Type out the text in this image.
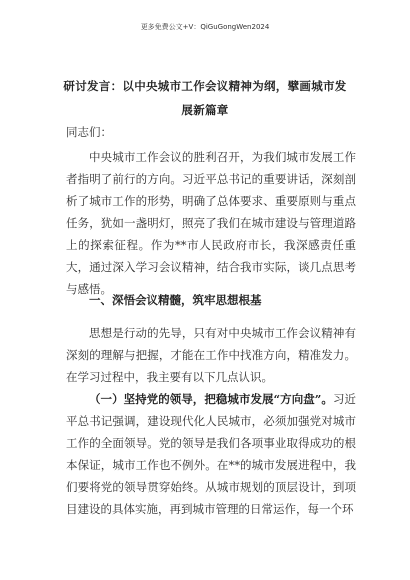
更多免费公文+V：QiGuGongWen2024
研讨发言：以中央城市工作会议精神为纲，擘画城市发展新篇章
同志们：

中央城市工作会议的胜利召开，为我们城市发展工作者指明了前行的方向。习近平总书记的重要讲话，深刻剖析了城市工作的形势，明确了总体要求、重要原则与重点任务，犹如一盏明灯，照亮了我们在城市建设与管理道路上的探索征程。作为**市人民政府市长，我深感责任重大，通过深入学习会议精神，结合我市实际，谈几点思考与感悟。

一、深悟会议精髓，筑牢思想根基

思想是行动的先导，只有对中央城市工作会议精神有深刻的理解与把握，才能在工作中找准方向，精准发力。在学习过程中，我主要有以下几点认识。

（一）坚持党的领导，把稳城市发展“方向盘”。习近平总书记强调，建设现代化人民城市，必须加强党对城市工作的全面领导。党的领导是我们各项事业取得成功的根本保证，城市工作也不例外。在**的城市发展进程中，我们要将党的领导贯穿始终。从城市规划的顶层设计，到项目建设的具体实施，再到城市管理的日常运作，每一个环
